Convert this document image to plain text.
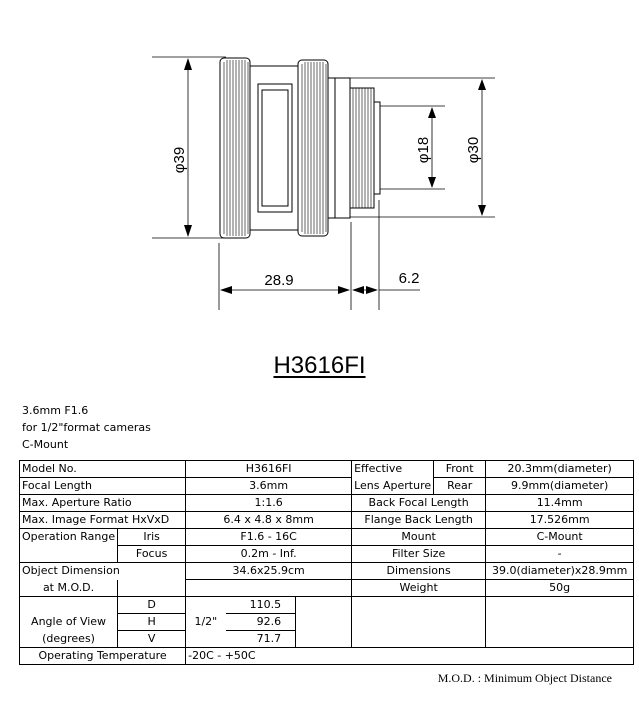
φ39	φ18 φ30
28.9	6.2
H3616FI
3.6mm F1.6
for 1/2"format cameras
C-Mount
Model No.		H3616FI			Effective	Front	20.3mm(diameter)
Focal Length		3.6mm			Lens Aperture	Rear	9.9mm(diameter)
Max. Aperture Ratio		1:1.6			Back Focal Length		11.4mm
Max. Image Format HxVxD		6.4 x 4.8 x 8mm			Flange Back Length		17.526mm
Operation Range	Iris	F1.6 - 16C			Mount		C-Mount
	Focus	0.2m - Inf.			Filter Size		-
Object Dimension		34.6x25.9cm			Dimensions		39.0(diameter)x28.9mm
at M.O.D.					Weight		50g
	D		110.5				
Angle of View	H	1/2"	92.6				
(degrees)	V		71.7				
Operating Temperature		-20C - +50C					
M.O.D. : Minimum Object Distance
